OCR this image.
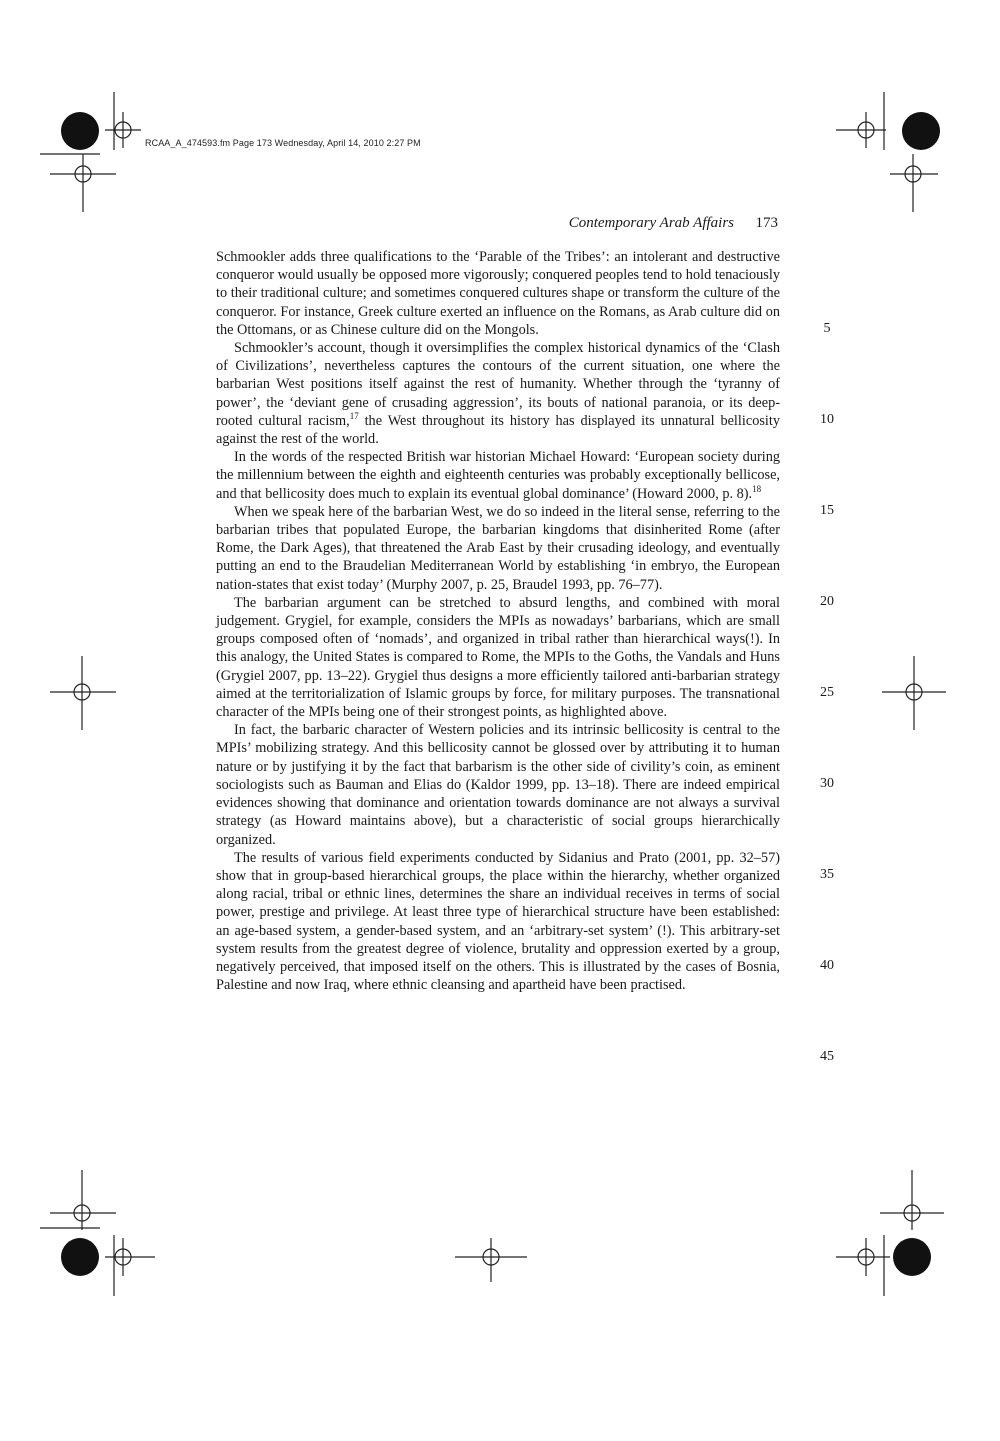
RCAA_A_474593.fm Page 173 Wednesday, April 14, 2010 2:27 PM
Contemporary Arab Affairs 173

Schmookler adds three qualifications to the ‘Parable of the Tribes’: an intolerant and destructive conqueror would usually be opposed more vigorously; conquered peoples tend to hold tenaciously to their traditional culture; and sometimes conquered cultures shape or transform the culture of the conqueror. For instance, Greek culture exerted an influence on the Romans, as Arab culture did on the Ottomans, or as Chinese culture did on the Mongols.

Schmookler’s account, though it oversimplifies the complex historical dynamics of the ‘Clash of Civilizations’, nevertheless captures the contours of the current situation, one where the barbarian West positions itself against the rest of humanity. Whether through the ‘tyranny of power’, the ‘deviant gene of crusading aggression’, its bouts of national paranoia, or its deep-rooted cultural racism,$^{17}$ the West throughout its history has displayed its unnatural bellicosity against the rest of the world.

In the words of the respected British war historian Michael Howard: ‘European society during the millennium between the eighth and eighteenth centuries was probably exceptionally bellicose, and that bellicosity does much to explain its eventual global dominance’ (Howard 2000, p. 8).$^{18}$

When we speak here of the barbarian West, we do so indeed in the literal sense, referring to the barbarian tribes that populated Europe, the barbarian kingdoms that disinherited Rome (after Rome, the Dark Ages), that threatened the Arab East by their crusading ideology, and eventually putting an end to the Braudelian Mediterranean World by establishing ‘in embryo, the European nation-states that exist today’ (Murphy 2007, p. 25, Braudel 1993, pp. 76–77).

The barbarian argument can be stretched to absurd lengths, and combined with moral judgement. Grygiel, for example, considers the MPIs as nowadays’ barbarians, which are small groups composed often of ‘nomads’, and organized in tribal rather than hierarchical ways(!). In this analogy, the United States is compared to Rome, the MPIs to the Goths, the Vandals and Huns (Grygiel 2007, pp. 13–22). Grygiel thus designs a more efficiently tailored anti-barbarian strategy aimed at the territorialization of Islamic groups by force, for military purposes. The transnational character of the MPIs being one of their strongest points, as highlighted above.

In fact, the barbaric character of Western policies and its intrinsic bellicosity is central to the MPIs’ mobilizing strategy. And this bellicosity cannot be glossed over by attributing it to human nature or by justifying it by the fact that barbarism is the other side of civility’s coin, as eminent sociologists such as Bauman and Elias do (Kaldor 1999, pp. 13–18). There are indeed empirical evidences showing that dominance and orientation towards dominance are not always a survival strategy (as Howard maintains above), but a characteristic of social groups hierarchically organized.

The results of various field experiments conducted by Sidanius and Prato (2001, pp. 32–57) show that in group-based hierarchical groups, the place within the hierarchy, whether organized along racial, tribal or ethnic lines, determines the share an individual receives in terms of social power, prestige and privilege. At least three type of hierarchical structure have been established: an age-based system, a gender-based system, and an ‘arbitrary-set system’ (!). This arbitrary-set system results from the greatest degree of violence, brutality and oppression exerted by a group, negatively perceived, that imposed itself on the others. This is illustrated by the cases of Bosnia, Palestine and now Iraq, where ethnic cleansing and apartheid have been practised.

5
10
15
20
25
30
35
40
45
